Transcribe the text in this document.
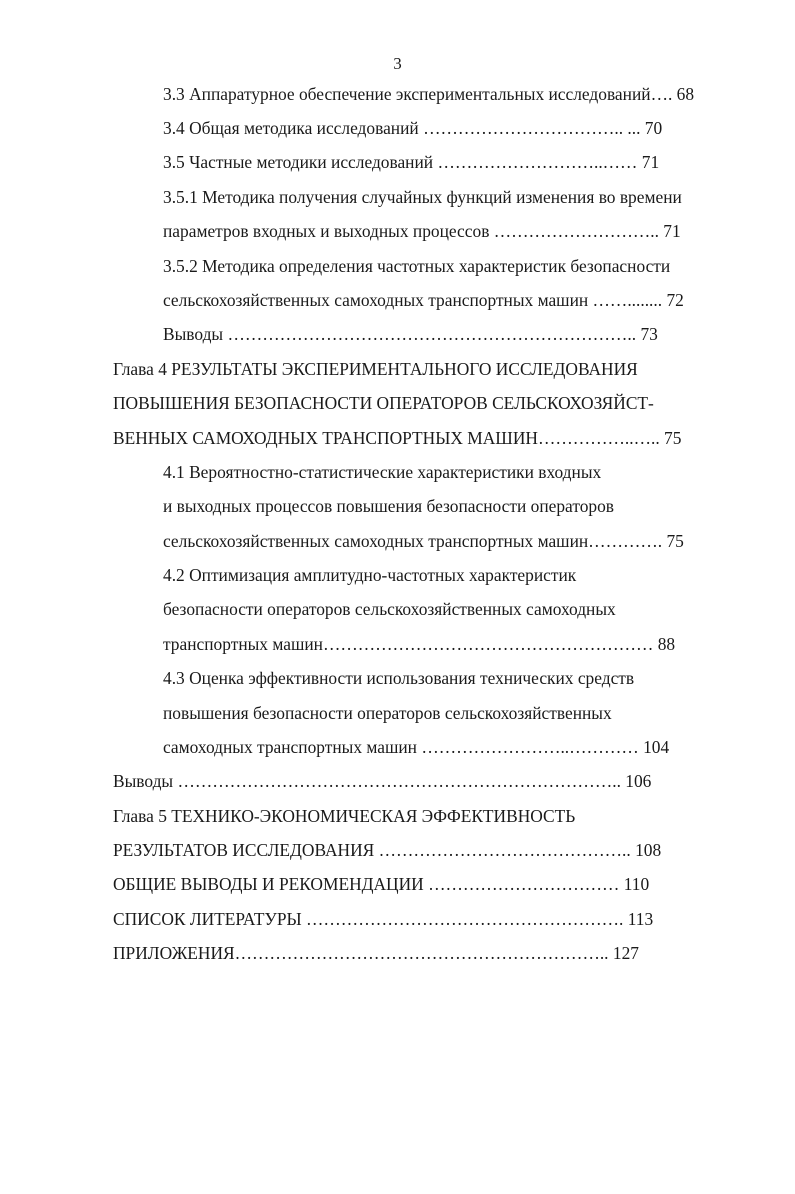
3
3.3 Аппаратурное обеспечение экспериментальных исследований…. 68
3.4 Общая методика исследований …………………………….. ... 70
3.5 Частные методики исследований ………………………..…… 71
3.5.1 Методика получения случайных функций изменения во времени
параметров входных и выходных процессов ……………………….. 71
3.5.2 Методика определения частотных характеристик безопасности
сельскохозяйственных самоходных транспортных машин ……........ 72
Выводы …………………………………………………………….. 73
Глава 4 РЕЗУЛЬТАТЫ ЭКСПЕРИМЕНТАЛЬНОГО ИССЛЕДОВАНИЯ
ПОВЫШЕНИЯ БЕЗОПАСНОСТИ ОПЕРАТОРОВ СЕЛЬСКОХОЗЯЙСТ-
ВЕННЫХ САМОХОДНЫХ ТРАНСПОРТНЫХ МАШИН……………..….. 75
4.1 Вероятностно-статистические характеристики входных
и выходных процессов повышения безопасности операторов
сельскохозяйственных самоходных транспортных машин…………. 75
4.2 Оптимизация амплитудно-частотных характеристик
безопасности операторов сельскохозяйственных самоходных
транспортных машин………………………………………………… 88
4.3 Оценка эффективности использования технических средств
повышения безопасности операторов сельскохозяйственных
самоходных транспортных машин ……………………..………… 104
Выводы ………………………………………………………………….. 106
Глава 5 ТЕХНИКО-ЭКОНОМИЧЕСКАЯ ЭФФЕКТИВНОСТЬ
РЕЗУЛЬТАТОВ ИССЛЕДОВАНИЯ …………………………………….. 108
ОБЩИЕ ВЫВОДЫ И РЕКОМЕНДАЦИИ …………………………… 110
СПИСОК ЛИТЕРАТУРЫ ………………………………………………. 113
ПРИЛОЖЕНИЯ……………………………………………………….. 127
